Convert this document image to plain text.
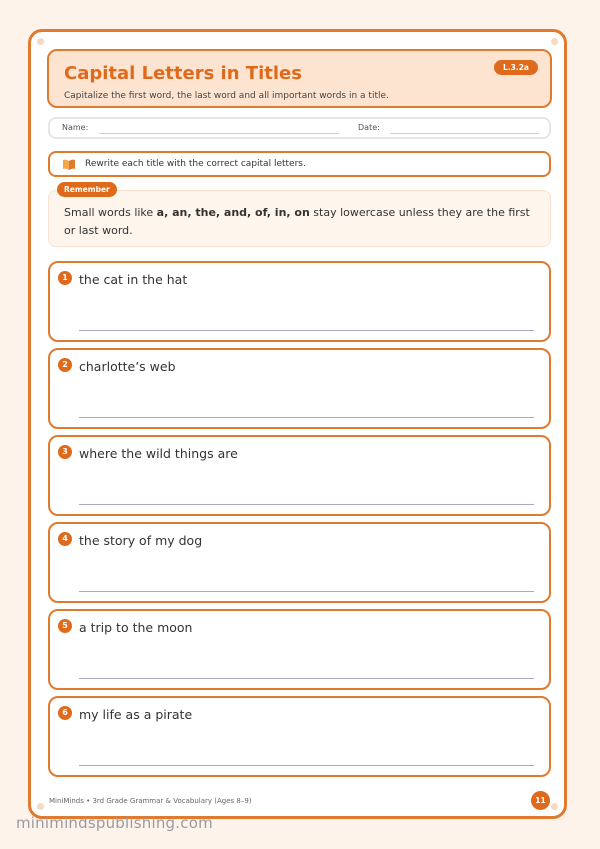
Capital Letters in Titles
Capitalize the first word, the last word and all important words in a title.
L.3.2a
Name:	Date:
Rewrite each title with the correct capital letters.
Remember
Small words like a, an, the, and, of, in, on stay lowercase unless they are the first or last word.
1 the cat in the hat
2 charlotte’s web
3 where the wild things are
4 the story of my dog
5 a trip to the moon
6 my life as a pirate
MiniMinds • 3rd Grade Grammar & Vocabulary (Ages 8–9)	11
minimindspublishing.com
